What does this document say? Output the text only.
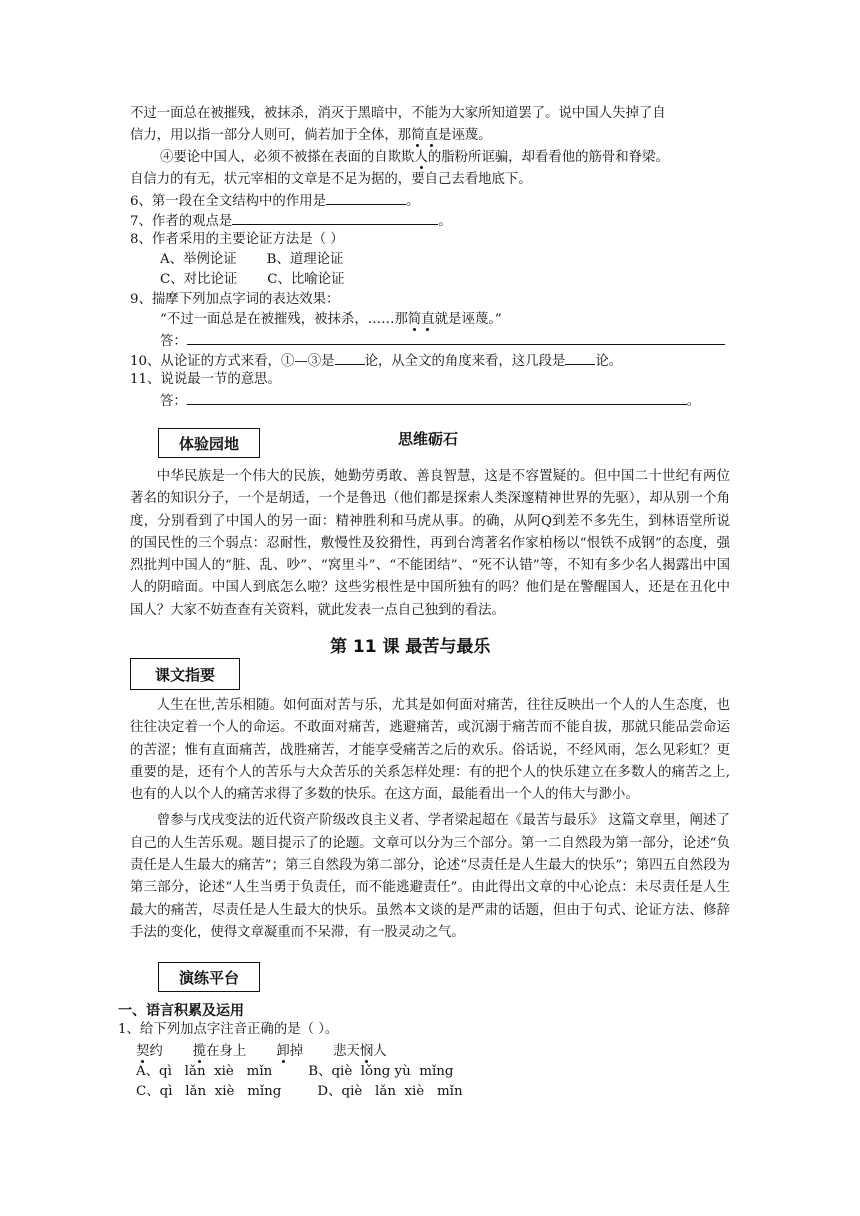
不过一面总在被摧残，被抹杀，消灭于黑暗中，不能为大家所知道罢了。说中国人失掉了自
信力，用以指一部分人则可，倘若加于全体，那简直是诬蔑。
④要论中国人，必须不被搽在表面的自欺欺人的脂粉所诓骗，却看看他的筋骨和脊梁。
自信力的有无，状元宰相的文章是不足为据的，要自己去看地底下。
6、第一段在全文结构中的作用是	。
7、作者的观点是	。
8、作者采用的主要论证方法是（ ）
A、举例论证 B、道理论证
C、对比论证 C、比喻论证
9、揣摩下列加点字词的表达效果：
“不过一面总是在被摧残，被抹杀，……那简直就是诬蔑。”
答：
10、从论证的方式来看，①—③是 论，从全文的角度来看，这几段是 论。
11、说说最一节的意思。
答：	。
体验园地	思维砺石

中华民族是一个伟大的民族，她勤劳勇敢、善良智慧，这是不容置疑的。但中国二十世纪有两位著名的知识分子，一个是胡适，一个是鲁迅（他们都是探索人类深邃精神世界的先驱），却从别一个角度，分别看到了中国人的另一面：精神胜利和马虎从事。的确，从阿Q到差不多先生，到林语堂所说的国民性的三个弱点：忍耐性，敷慢性及狡猾性，再到台湾著名作家柏杨以“恨铁不成钢”的态度，强烈批判中国人的“脏、乱、吵”、“窝里斗”、“不能团结”、“死不认错”等，不知有多少名人揭露出中国人的阴暗面。中国人到底怎么啦？这些劣根性是中国所独有的吗？他们是在警醒国人，还是在丑化中国人？大家不妨查查有关资料，就此发表一点自己独到的看法。

第 11 课 最苦与最乐
课文指要

人生在世,苦乐相随。如何面对苦与乐，尤其是如何面对痛苦，往往反映出一个人的人生态度，也往往决定着一个人的命运。不敢面对痛苦，逃避痛苦，或沉溺于痛苦而不能自拔，那就只能品尝命运的苦涩；惟有直面痛苦，战胜痛苦，才能享受痛苦之后的欢乐。俗话说，不经风雨，怎么见彩虹？更重要的是，还有个人的苦乐与大众苦乐的关系怎样处理：有的把个人的快乐建立在多数人的痛苦之上,也有的人以个人的痛苦求得了多数的快乐。在这方面，最能看出一个人的伟大与渺小。

曾参与戊戌变法的近代资产阶级改良主义者、学者梁起超在《最苦与最乐》 这篇文章里，阐述了自己的人生苦乐观。题目提示了的论题。文章可以分为三个部分。第一二自然段为第一部分，论述“负责任是人生最大的痛苦”；第三自然段为第二部分，论述“尽责任是人生最大的快乐”；第四五自然段为第三部分，论述“人生当勇于负责任，而不能逃避责任”。由此得出文章的中心论点：未尽责任是人生最大的痛苦，尽责任是人生最大的快乐。虽然本文谈的是严肃的话题，但由于句式、论证方法、修辞手法的变化，使得文章凝重而不呆滞，有一股灵动之气。

演练平台
一、语言积累及运用
1、给下列加点字注音正确的是（ ）。
契约 揽在身上 卸掉 悲天悯人
A、qì   lǎn  xiè   mǐn	B、qiè  lǒng yù  mǐng
C、qì   lǎn  xiè   mǐng	D、qiè   lǎn  xiè   mǐn
